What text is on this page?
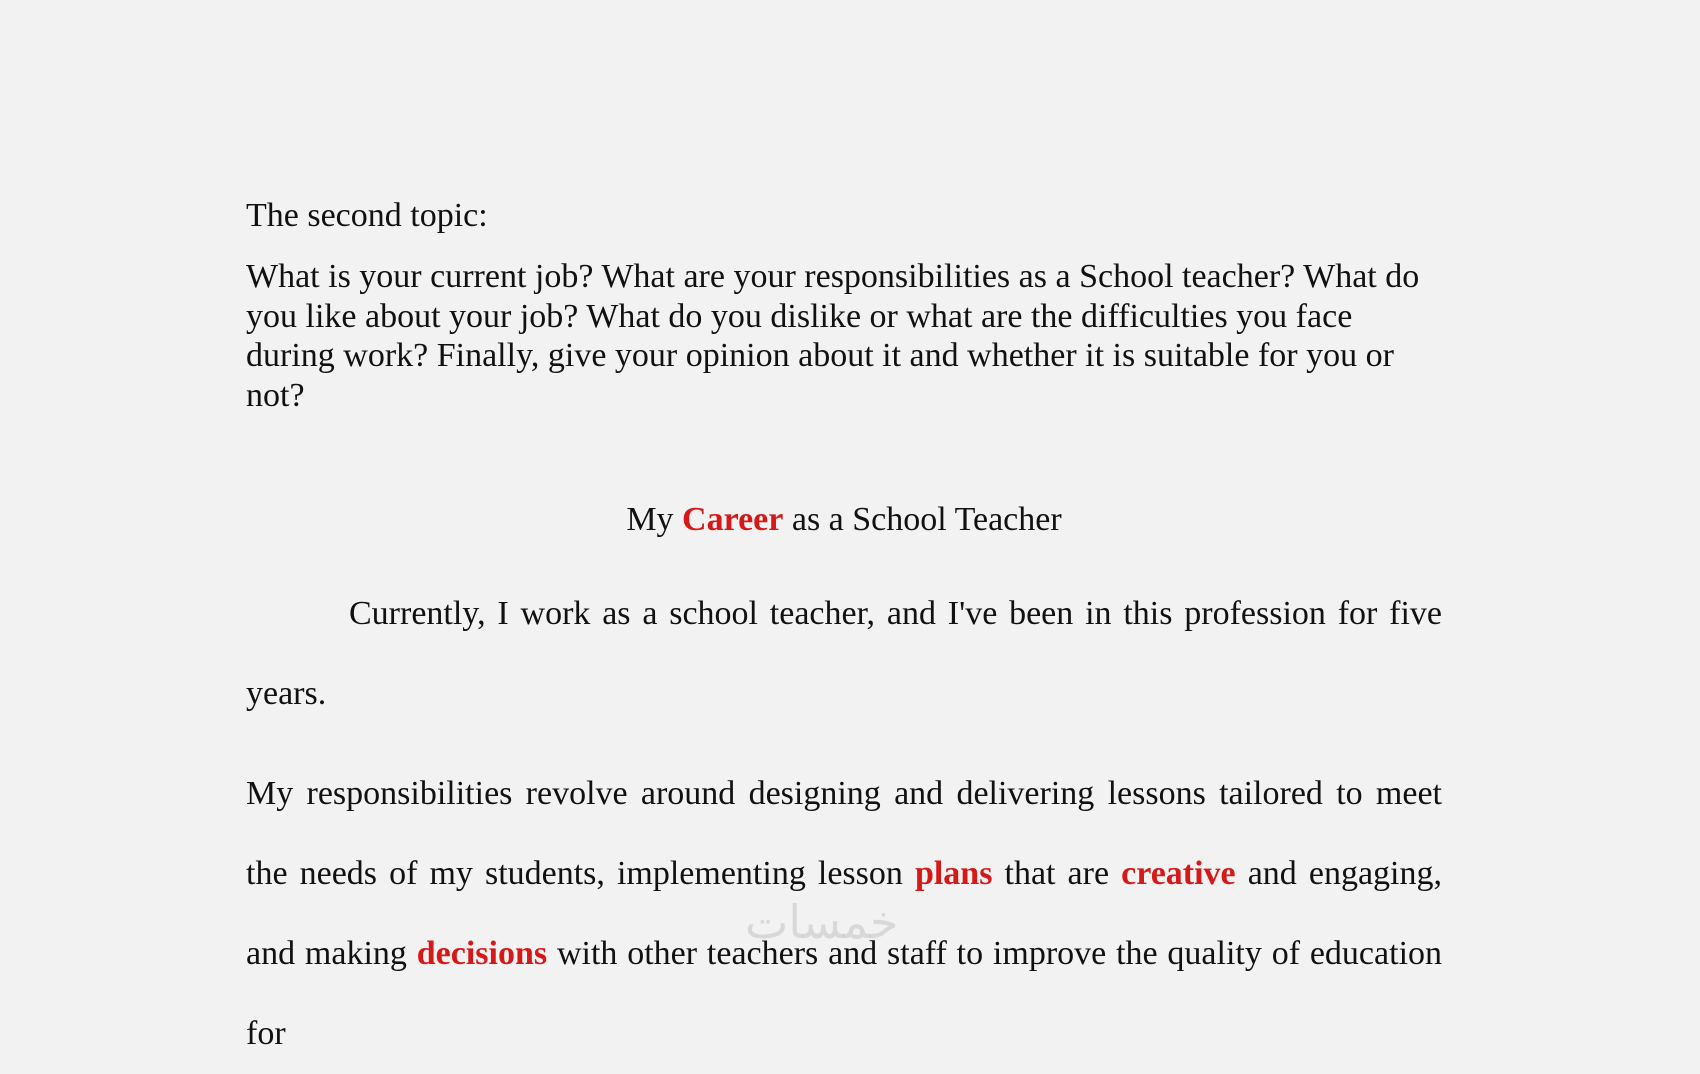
The second topic:

What is your current job? What are your responsibilities as a School teacher? What do you like about your job? What do you dislike or what are the difficulties you face during work? Finally, give your opinion about it and whether it is suitable for you or not?

My Career as a School Teacher

Currently, I work as a school teacher, and I've been in this profession for five years.

My responsibilities revolve around designing and delivering lessons tailored to meet the needs of my students, implementing lesson plans that are creative and engaging, and making decisions with other teachers and staff to improve the quality of education for

خمسات
